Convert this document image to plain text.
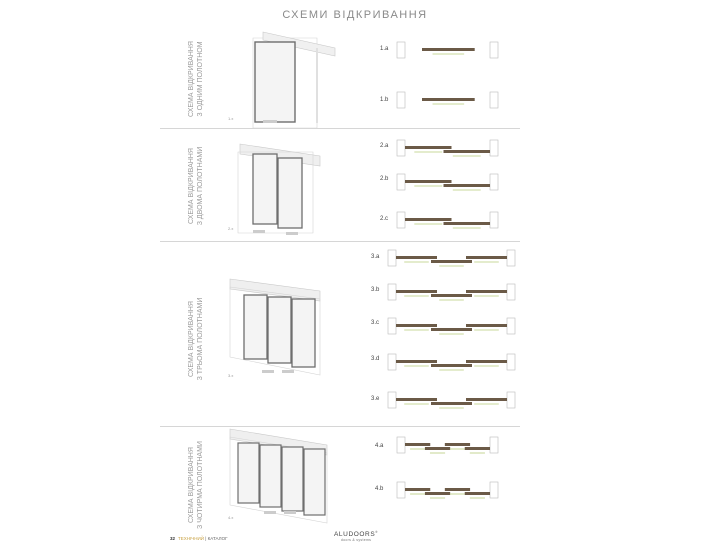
СХЕМИ ВІДКРИВАННЯ
СХЕМА ВІДКРИВАННЯ З ОДНИМ ПОЛОТНОМ
СХЕМА ВІДКРИВАННЯ З ДВОМА ПОЛОТНАМИ
СХЕМА ВІДКРИВАННЯ З ТРЬОМА ПОЛОТНАМИ
СХЕМА ВІДКРИВАННЯ З ЧОТИРМА ПОЛОТНАМИ
1.x
2.x
3.x
4.x
1.a
1.b
2.a
2.b
2.c
3.a
3.b
3.c
3.d
3.e
4.a
4.b
32 ТЕХНІЧНИЙ | КАТАЛОГ
ALUDOORS®
doors & systems
